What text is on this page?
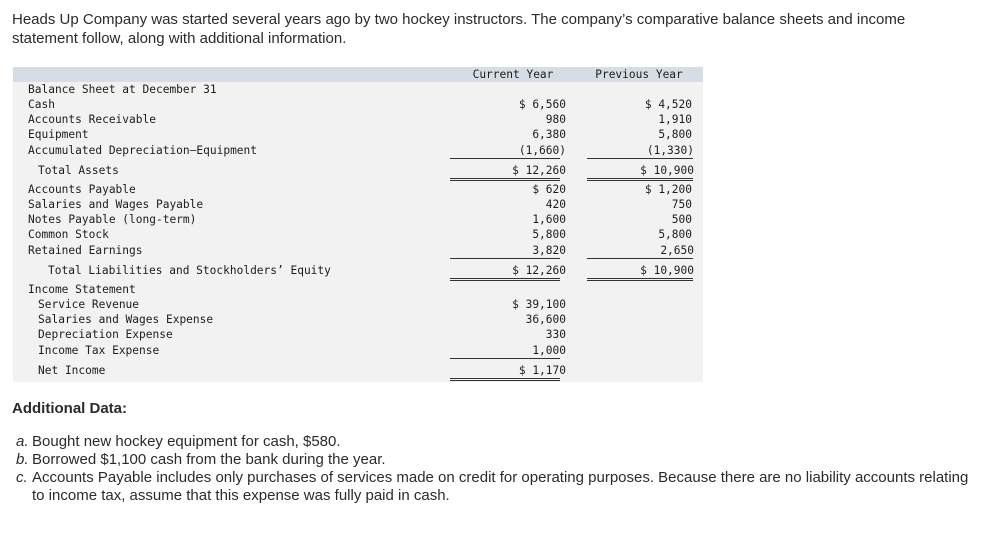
Heads Up Company was started several years ago by two hockey instructors. The company’s comparative balance sheets and income statement follow, along with additional information.
Current Year	Previous Year
Balance Sheet at December 31
Cash	$ 6,560	$ 4,520
Accounts Receivable	980	1,910
Equipment	6,380	5,800
Accumulated Depreciation—Equipment	(1,660)	(1,330)
Total Assets	$ 12,260	$ 10,900
Accounts Payable	$ 620	$ 1,200
Salaries and Wages Payable	420	750
Notes Payable (long-term)	1,600	500
Common Stock	5,800	5,800
Retained Earnings	3,820	2,650
Total Liabilities and Stockholders’ Equity	$ 12,260	$ 10,900
Income Statement
Service Revenue	$ 39,100
Salaries and Wages Expense	36,600
Depreciation Expense	330
Income Tax Expense	1,000
Net Income	$ 1,170
Additional Data:
a. Bought new hockey equipment for cash, $580.
b. Borrowed $1,100 cash from the bank during the year.
c. Accounts Payable includes only purchases of services made on credit for operating purposes. Because there are no liability accounts relating to income tax, assume that this expense was fully paid in cash.
